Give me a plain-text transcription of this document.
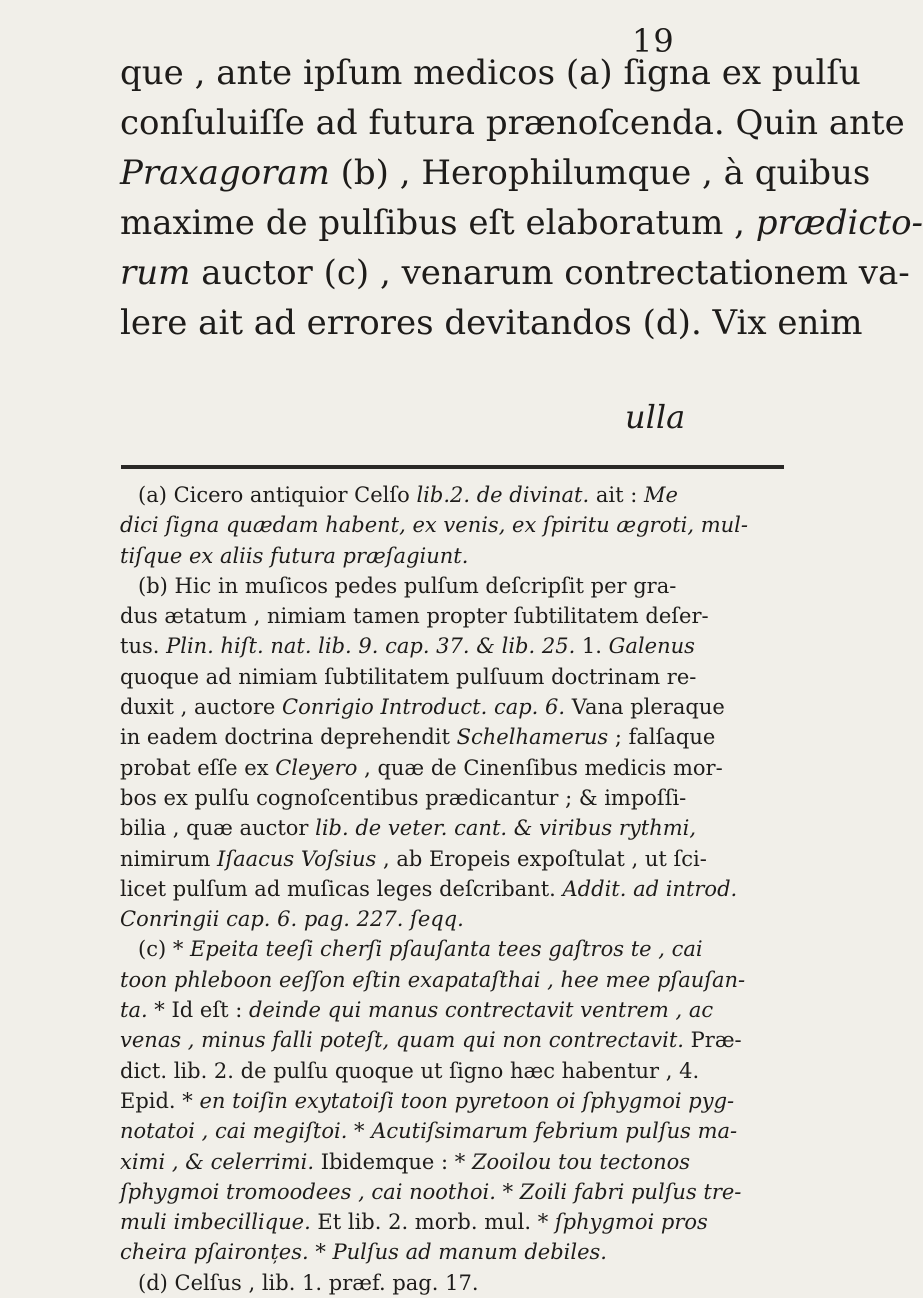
19
que , ante ipſum medicos (a) ſigna ex pulſu
conſuluiſſe ad futura prænoſcenda. Quin ante
Praxagoram (b) , Herophilumque , à quibus
maxime de pulſibus eſt elaboratum , prædicto-
rum auctor (c) , venarum contrectationem va-
lere ait ad errores devitandos (d). Vix enim
ulla
(a) Cicero antiquior Celſo lib.2. de divinat. ait : Me
dici ſigna quædam habent, ex venis, ex ſpiritu ægroti, mul-
tiſque ex aliis futura præſagiunt.
(b) Hic in muſicos pedes pulſum deſcripſit per gra-
dus ætatum , nimiam tamen propter ſubtilitatem deſer-
tus. Plin. hiſt. nat. lib. 9. cap. 37. & lib. 25. 1. Galenus
quoque ad nimiam ſubtilitatem pulſuum doctrinam re-
duxit , auctore Conrigio Introduct. cap. 6. Vana pleraque
in eadem doctrina deprehendit Schelhamerus ; falſaque
probat eſſe ex Cleyero , quæ de Cinenſibus medicis mor-
bos ex pulſu cognoſcentibus prædicantur ; & impoſſi-
bilia , quæ auctor lib. de veter. cant. & viribus rythmi,
nimirum Iſaacus Voſsius , ab Eropeis expoſtulat , ut ſci-
licet pulſum ad muſicas leges deſcribant. Addit. ad introd.
Conringii cap. 6. pag. 227. ſeqq.
(c) * Epeita teeſi cherſi pſauſanta tees gaſtros te , cai
toon phleboon eeſſon eſtin exapataſthai , hee mee pſauſan-
ta. * Id eſt : deinde qui manus contrectavit ventrem , ac
venas , minus falli poteſt, quam qui non contrectavit. Præ-
dict. lib. 2. de pulſu quoque ut ſigno hæc habentur , 4.
Epid. * en toiſin exytatoiſi toon pyretoon oi ſphygmoi pyg-
notatoi , cai megiſtoi. * Acutiſsimarum febrium pulſus ma-
ximi , & celerrimi. Ibidemque : * Zooilou tou tectonos
ſphygmoi tromoodees , cai noothoi. * Zoili fabri pulſus tre-
muli imbecillique. Et lib. 2. morb. mul. * ſphygmoi pros
cheira pſaironțes. * Pulſus ad manum debiles.
(d) Celſus , lib. 1. præf. pag. 17.
